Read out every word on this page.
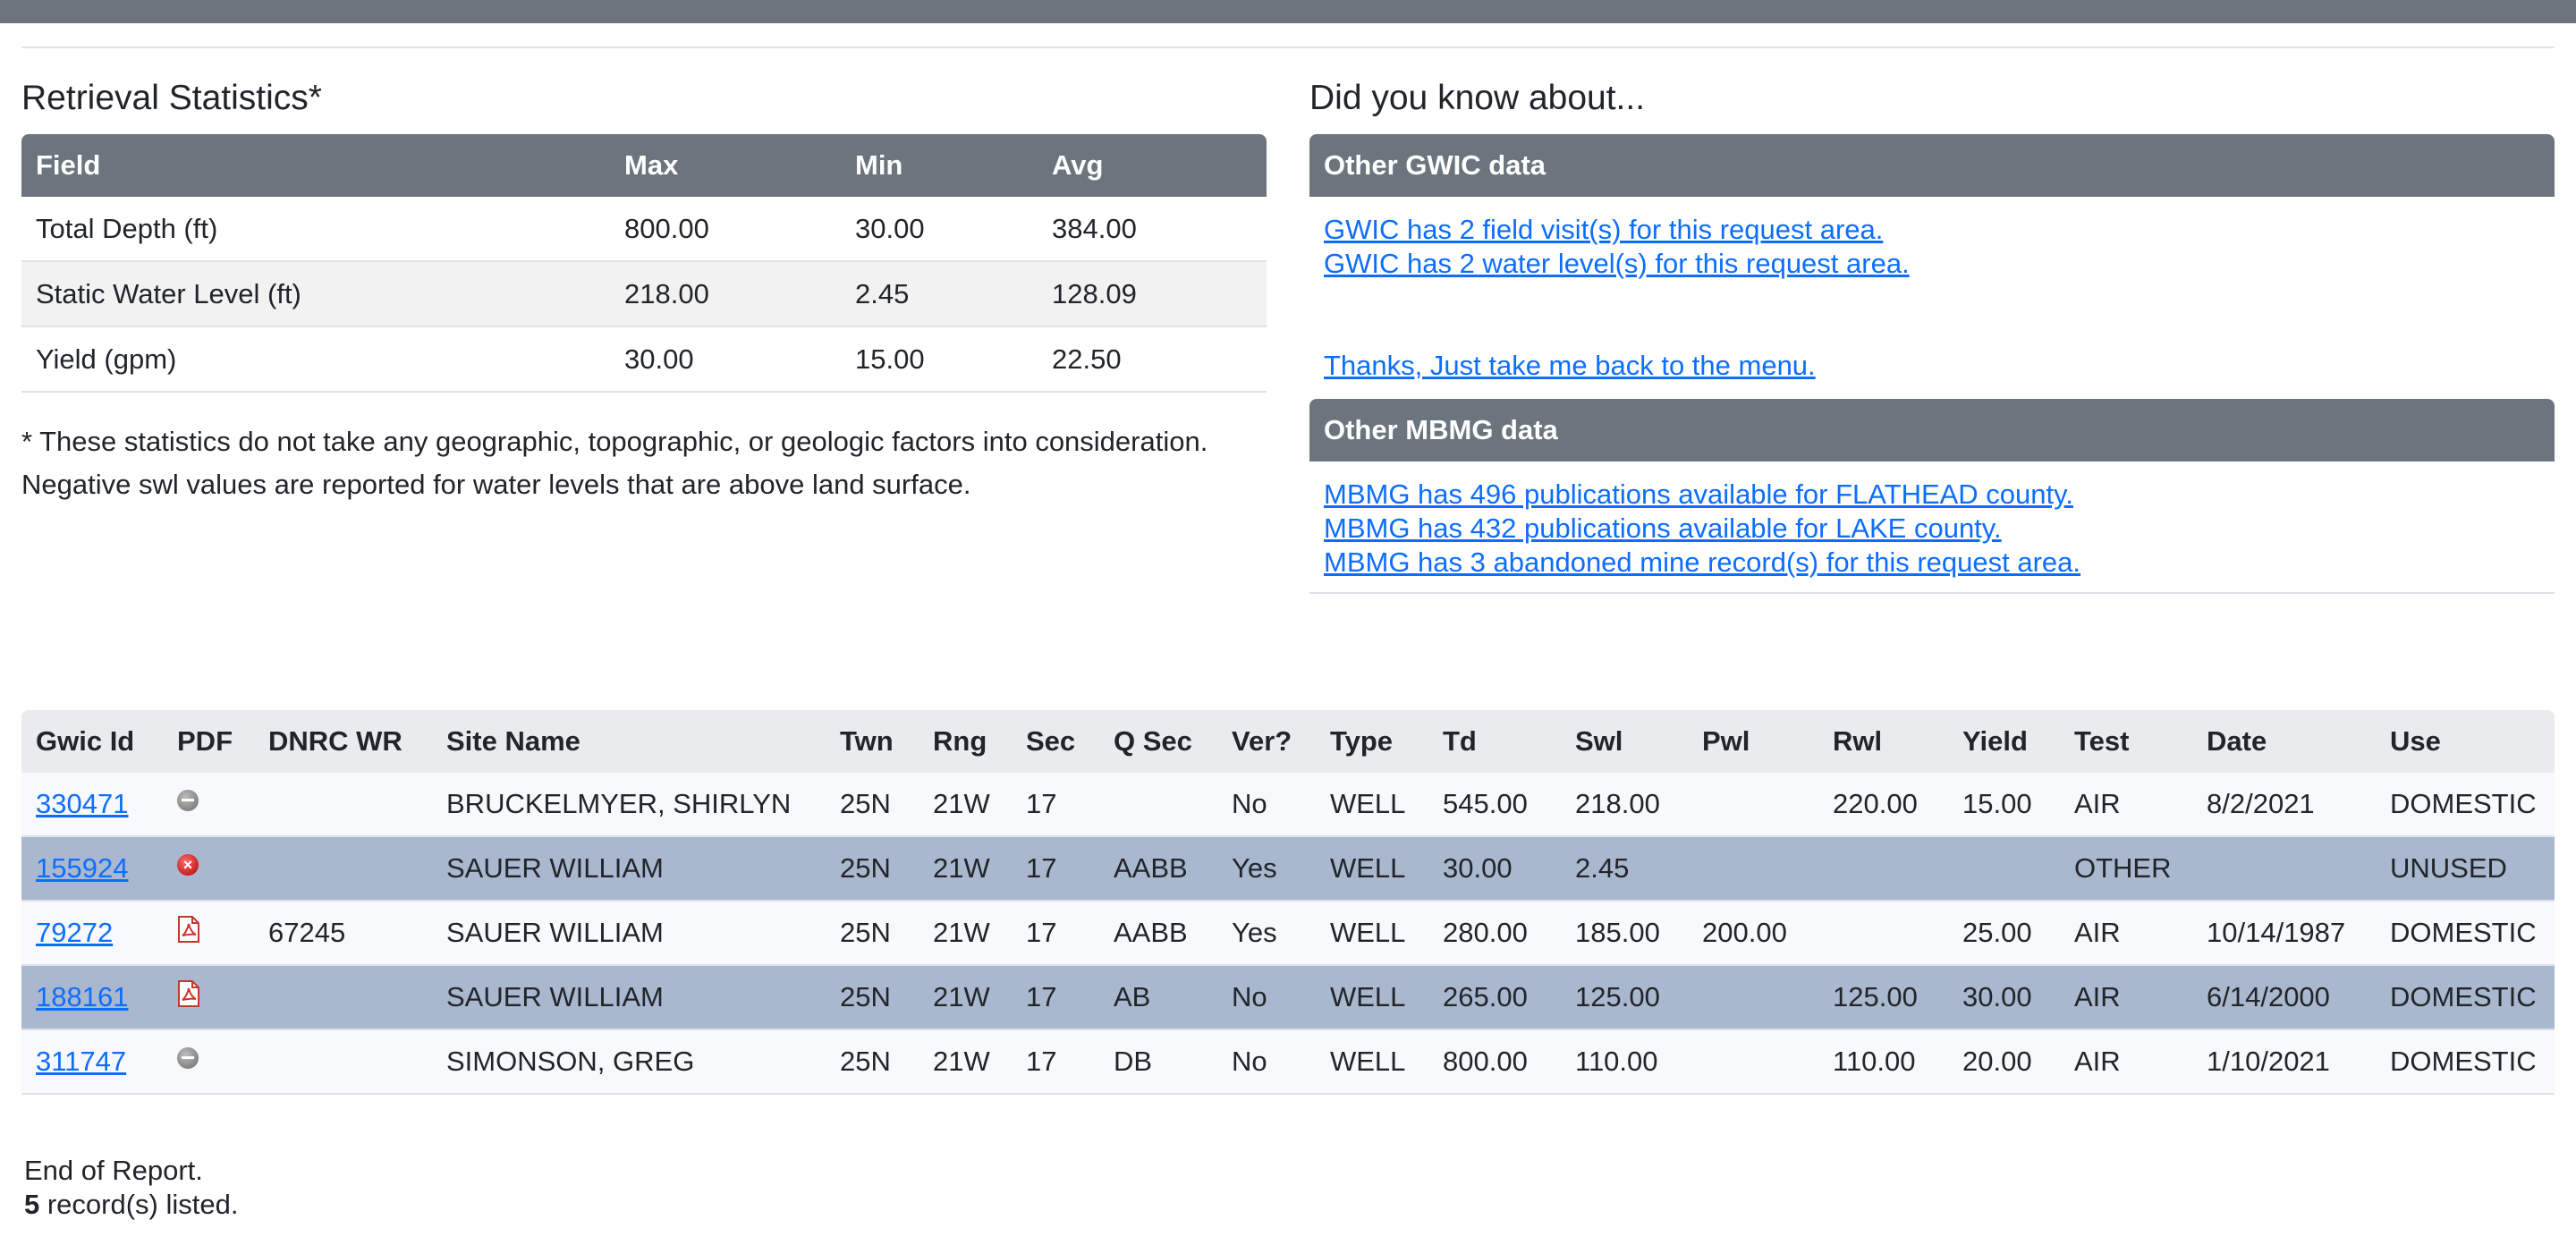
Retrieval Statistics*
Field	Max	Min	Avg
Total Depth (ft)	800.00	30.00	384.00
Static Water Level (ft)	218.00	2.45	128.09
Yield (gpm)	30.00	15.00	22.50
* These statistics do not take any geographic, topographic, or geologic factors into consideration. Negative swl values are reported for water levels that are above land surface.
Did you know about...
Other GWIC data
GWIC has 2 field visit(s) for this request area.
GWIC has 2 water level(s) for this request area.
Thanks, Just take me back to the menu.
Other MBMG data
MBMG has 496 publications available for FLATHEAD county.
MBMG has 432 publications available for LAKE county.
MBMG has 3 abandoned mine record(s) for this request area.
Gwic Id	PDF	DNRC WR	Site Name	Twn	Rng	Sec	Q Sec	Ver?	Type	Td	Swl	Pwl	Rwl	Yield	Test	Date	Use
330471			BRUCKELMYER, SHIRLYN	25N	21W	17		No	WELL	545.00	218.00		220.00	15.00	AIR	8/2/2021	DOMESTIC
155924	×		SAUER WILLIAM	25N	21W	17	AABB	Yes	WELL	30.00	2.45				OTHER		UNUSED
79272		67245	SAUER WILLIAM	25N	21W	17	AABB	Yes	WELL	280.00	185.00	200.00		25.00	AIR	10/14/1987	DOMESTIC
188161			SAUER WILLIAM	25N	21W	17	AB	No	WELL	265.00	125.00		125.00	30.00	AIR	6/14/2000	DOMESTIC
311747			SIMONSON, GREG	25N	21W	17	DB	No	WELL	800.00	110.00		110.00	20.00	AIR	1/10/2021	DOMESTIC
End of Report.
5 record(s) listed.
